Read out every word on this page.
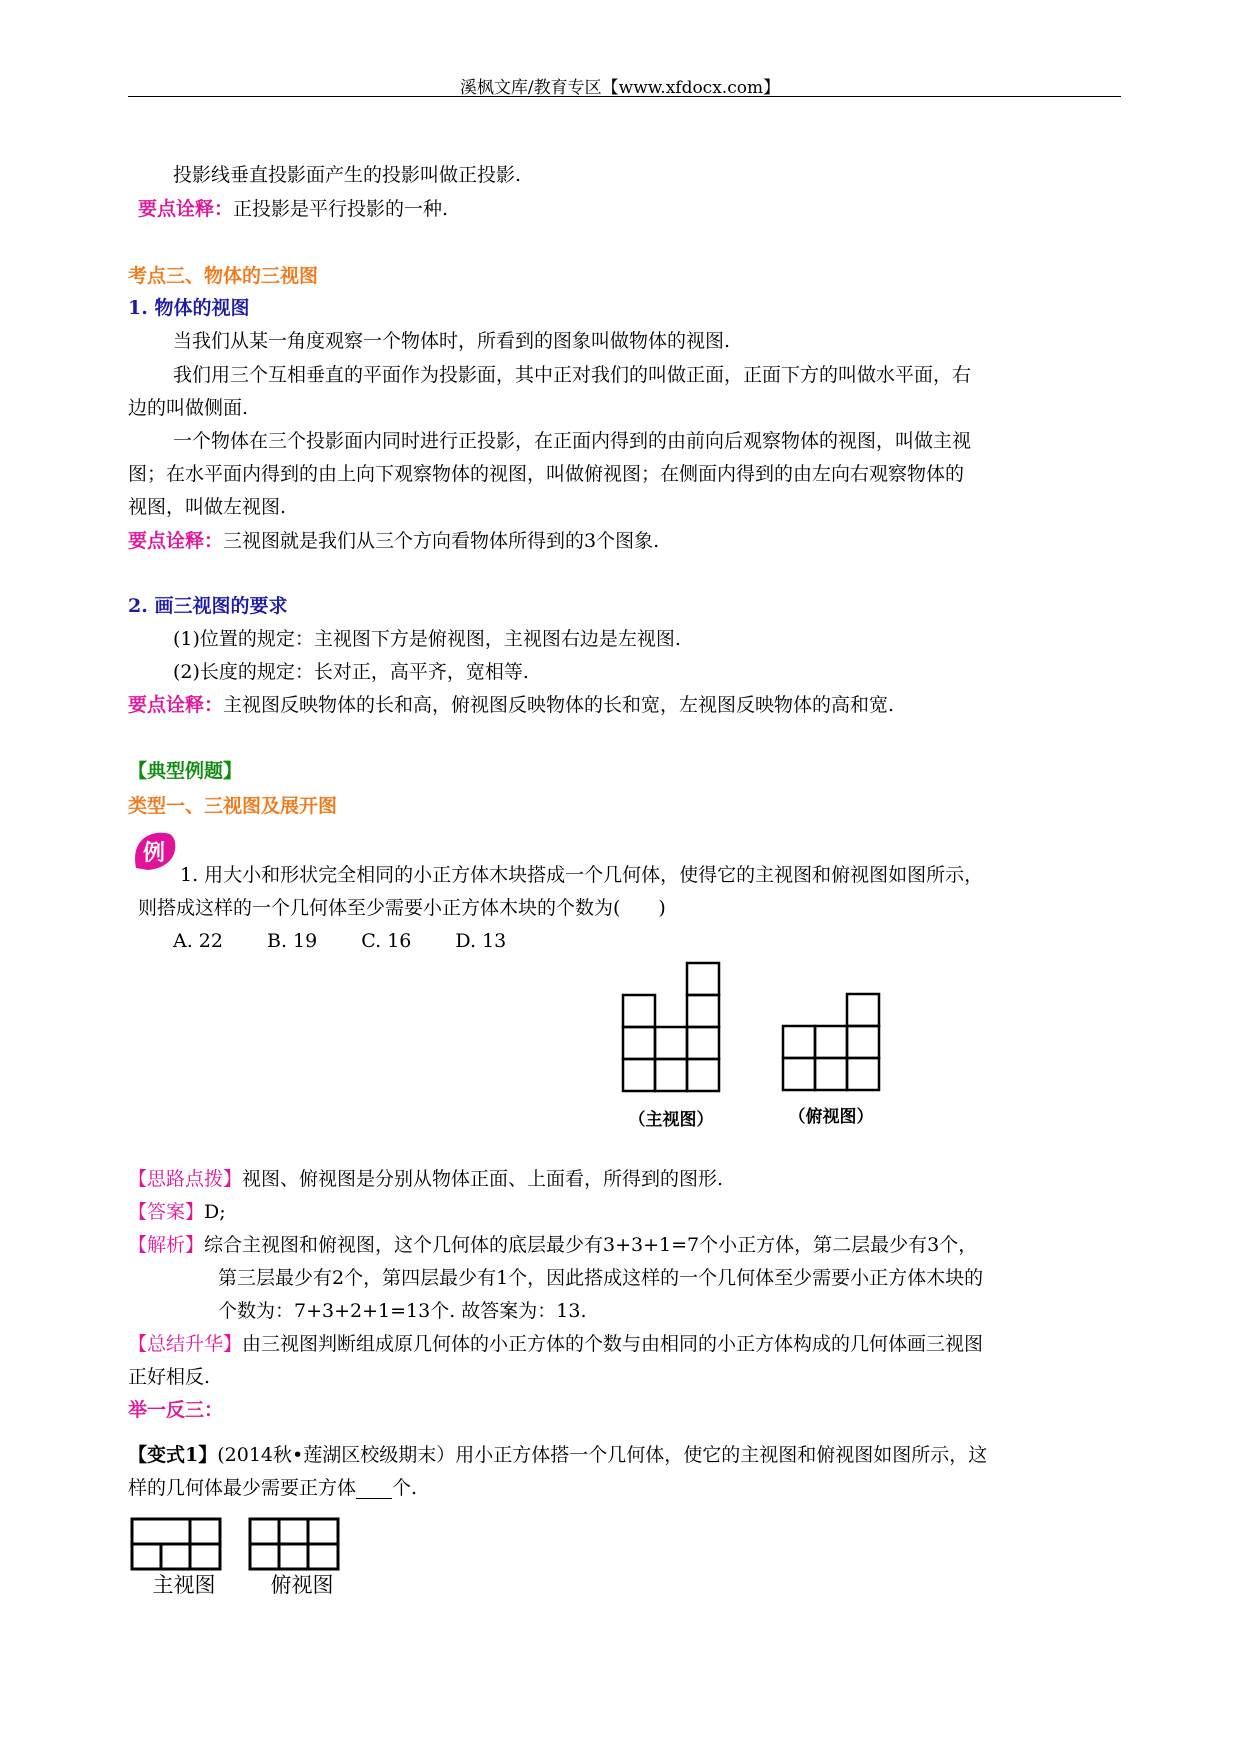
溪枫文库/教育专区【www.xfdocx.com】
投影线垂直投影面产生的投影叫做正投影.
要点诠释：正投影是平行投影的一种.
考点三、物体的三视图
1. 物体的视图
当我们从某一角度观察一个物体时，所看到的图象叫做物体的视图.
我们用三个互相垂直的平面作为投影面，其中正对我们的叫做正面，正面下方的叫做水平面，右
边的叫做侧面.
一个物体在三个投影面内同时进行正投影，在正面内得到的由前向后观察物体的视图，叫做主视
图；在水平面内得到的由上向下观察物体的视图，叫做俯视图；在侧面内得到的由左向右观察物体的
视图，叫做左视图.
要点诠释：三视图就是我们从三个方向看物体所得到的3个图象.
2. 画三视图的要求
(1)位置的规定：主视图下方是俯视图，主视图右边是左视图.
(2)长度的规定：长对正，高平齐，宽相等.
要点诠释：主视图反映物体的长和高，俯视图反映物体的长和宽，左视图反映物体的高和宽.
【典型例题】
类型一、三视图及展开图
例
1. 用大小和形状完全相同的小正方体木块搭成一个几何体，使得它的主视图和俯视图如图所示，
则搭成这样的一个几何体至少需要小正方体木块的个数为(　　)
A. 22　　 B. 19　　 C. 16　　 D. 13
（主视图）	（俯视图）
【思路点拨】视图、俯视图是分别从物体正面、上面看，所得到的图形.
【答案】D;
【解析】综合主视图和俯视图，这个几何体的底层最少有3+3+1=7个小正方体，第二层最少有3个，
第三层最少有2个，第四层最少有1个，因此搭成这样的一个几何体至少需要小正方体木块的
个数为：7+3+2+1=13个. 故答案为：13.
【总结升华】由三视图判断组成原几何体的小正方体的个数与由相同的小正方体构成的几何体画三视图
正好相反.
举一反三：
【变式1】(2014秋•莲湖区校级期末）用小正方体搭一个几何体，使它的主视图和俯视图如图所示，这
样的几何体最少需要正方体 个.
主视图	俯视图
